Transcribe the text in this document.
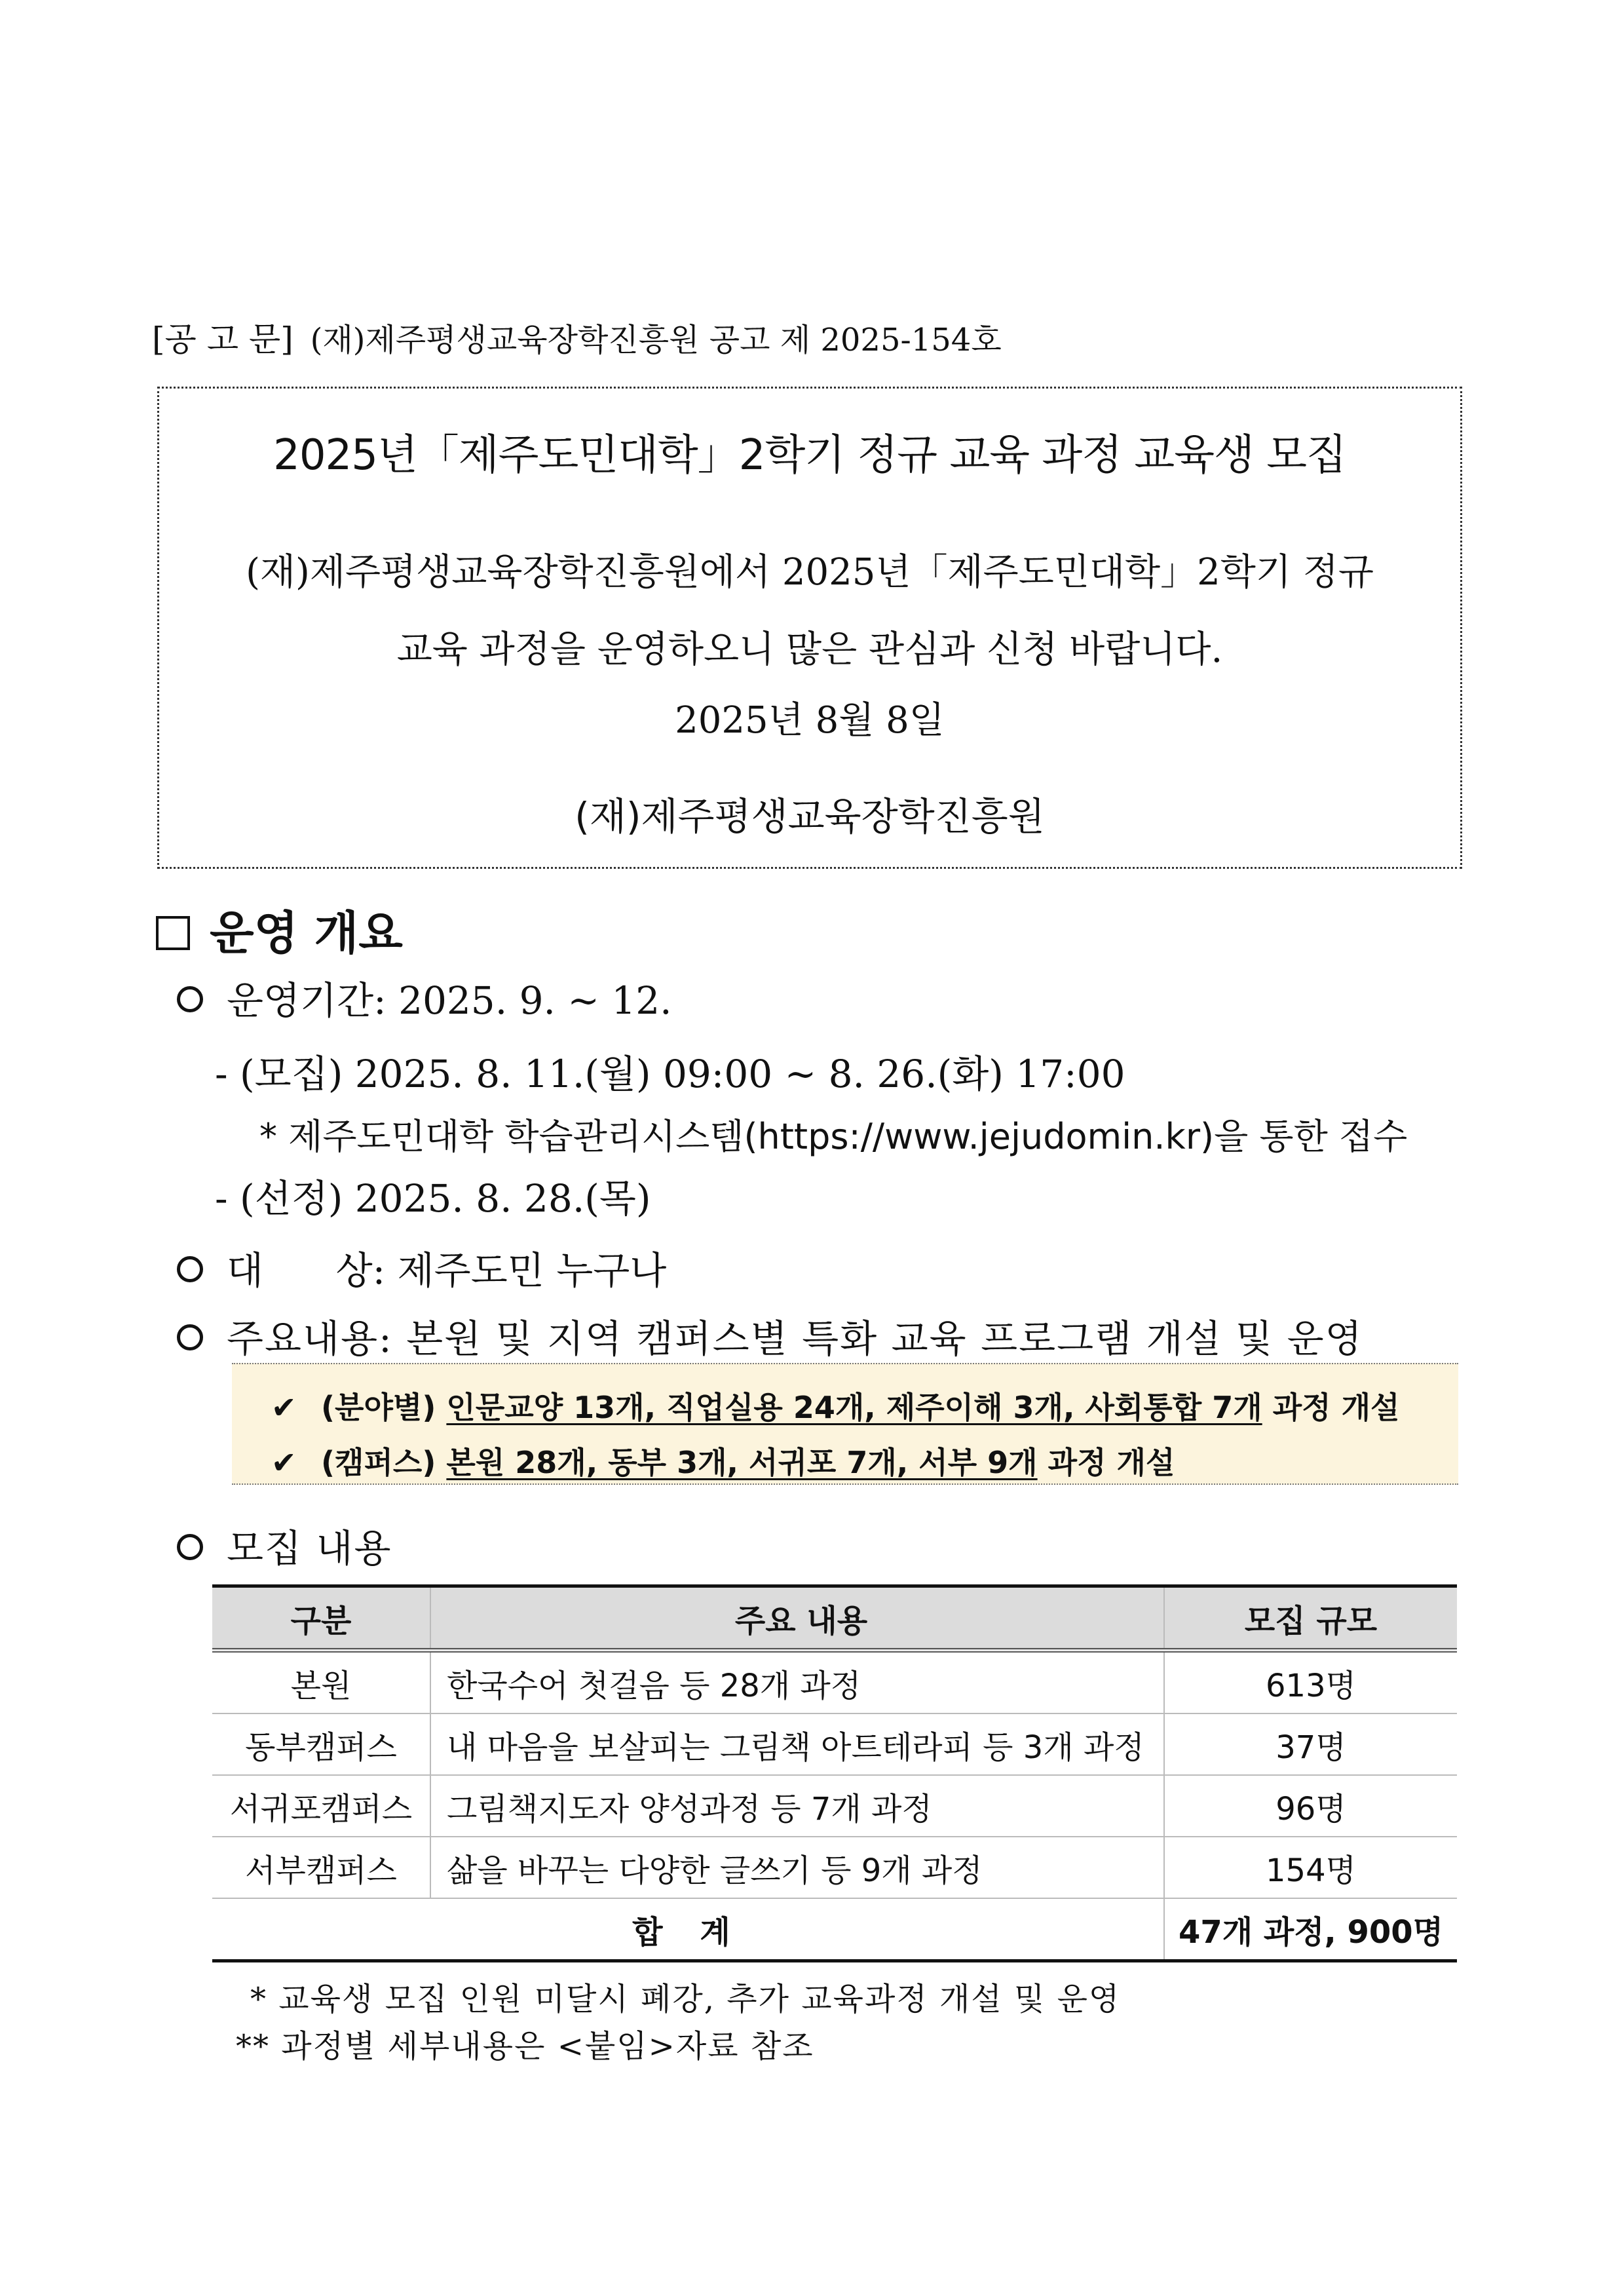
[공 고 문] (재)제주평생교육장학진흥원 공고 제 2025-154호
2025년「제주도민대학」2학기 정규 교육 과정 교육생 모집
(재)제주평생교육장학진흥원에서 2025년「제주도민대학」2학기 정규
교육 과정을 운영하오니 많은 관심과 신청 바랍니다.
2025년 8월 8일
(재)제주평생교육장학진흥원
운영 개요
운영기간: 2025. 9. ~ 12.
- (모집) 2025. 8. 11.(월) 09:00 ~ 8. 26.(화) 17:00
* 제주도민대학 학습관리시스템(https://www.jejudomin.kr)을 통한 접수
- (선정) 2025. 8. 28.(목)
대      상: 제주도민 누구나
주요내용: 본원 및 지역 캠퍼스별 특화 교육 프로그램 개설 및 운영
✔ (분야별) 인문교양 13개, 직업실용 24개, 제주이해 3개, 사회통합 7개 과정 개설
✔ (캠퍼스) 본원 28개, 동부 3개, 서귀포 7개, 서부 9개 과정 개설
모집 내용
구분	주요 내용	모집 규모
본원	한국수어 첫걸음 등 28개 과정	613명
동부캠퍼스	내 마음을 보살피는 그림책 아트테라피 등 3개 과정	37명
서귀포캠퍼스	그림책지도자 양성과정 등 7개 과정	96명
서부캠퍼스	삶을 바꾸는 다양한 글쓰기 등 9개 과정	154명
합 계		47개 과정, 900명
* 교육생 모집 인원 미달시 폐강, 추가 교육과정 개설 및 운영
** 과정별 세부내용은 <붙임>자료 참조
